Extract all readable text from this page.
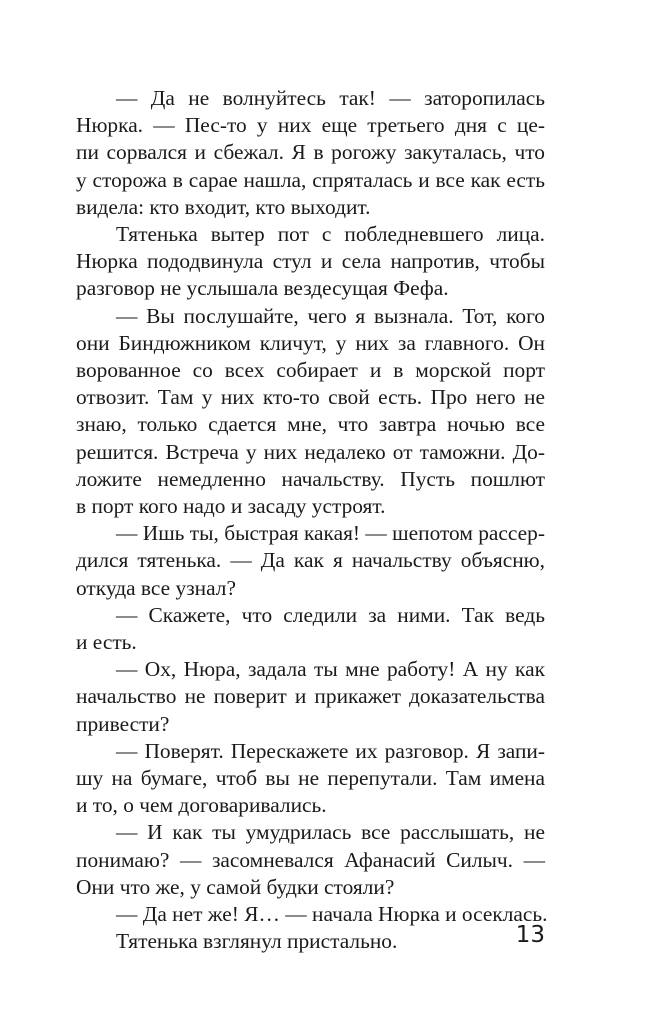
— Да не волнуйтесь так! — заторопилась
Нюрка. — Пес-то у них еще третьего дня с це-
пи сорвался и сбежал. Я в рогожу закуталась, что
у сторожа в сарае нашла, спряталась и все как есть
видела: кто входит, кто выходит.
Тятенька вытер пот с побледневшего лица.
Нюрка пододвинула стул и села напротив, чтобы
разговор не услышала вездесущая Фефа.
— Вы послушайте, чего я вызнала. Тот, кого
они Биндюжником кличут, у них за главного. Он
ворованное со всех собирает и в морской порт
отвозит. Там у них кто-то свой есть. Про него не
знаю, только сдается мне, что завтра ночью все
решится. Встреча у них недалеко от таможни. До-
ложите немедленно начальству. Пусть пошлют
в порт кого надо и засаду устроят.
— Ишь ты, быстрая какая! — шепотом рассер-
дился тятенька. — Да как я начальству объясню,
откуда все узнал?
— Скажете, что следили за ними. Так ведь
и есть.
— Ох, Нюра, задала ты мне работу! А ну как
начальство не поверит и прикажет доказательства
привести?
— Поверят. Перескажете их разговор. Я запи-
шу на бумаге, чтоб вы не перепутали. Там имена
и то, о чем договаривались.
— И как ты умудрилась все расслышать, не
понимаю? — засомневался Афанасий Силыч. —
Они что же, у самой будки стояли?
— Да нет же! Я… — начала Нюрка и осеклась.
Тятенька взглянул пристально.	13
